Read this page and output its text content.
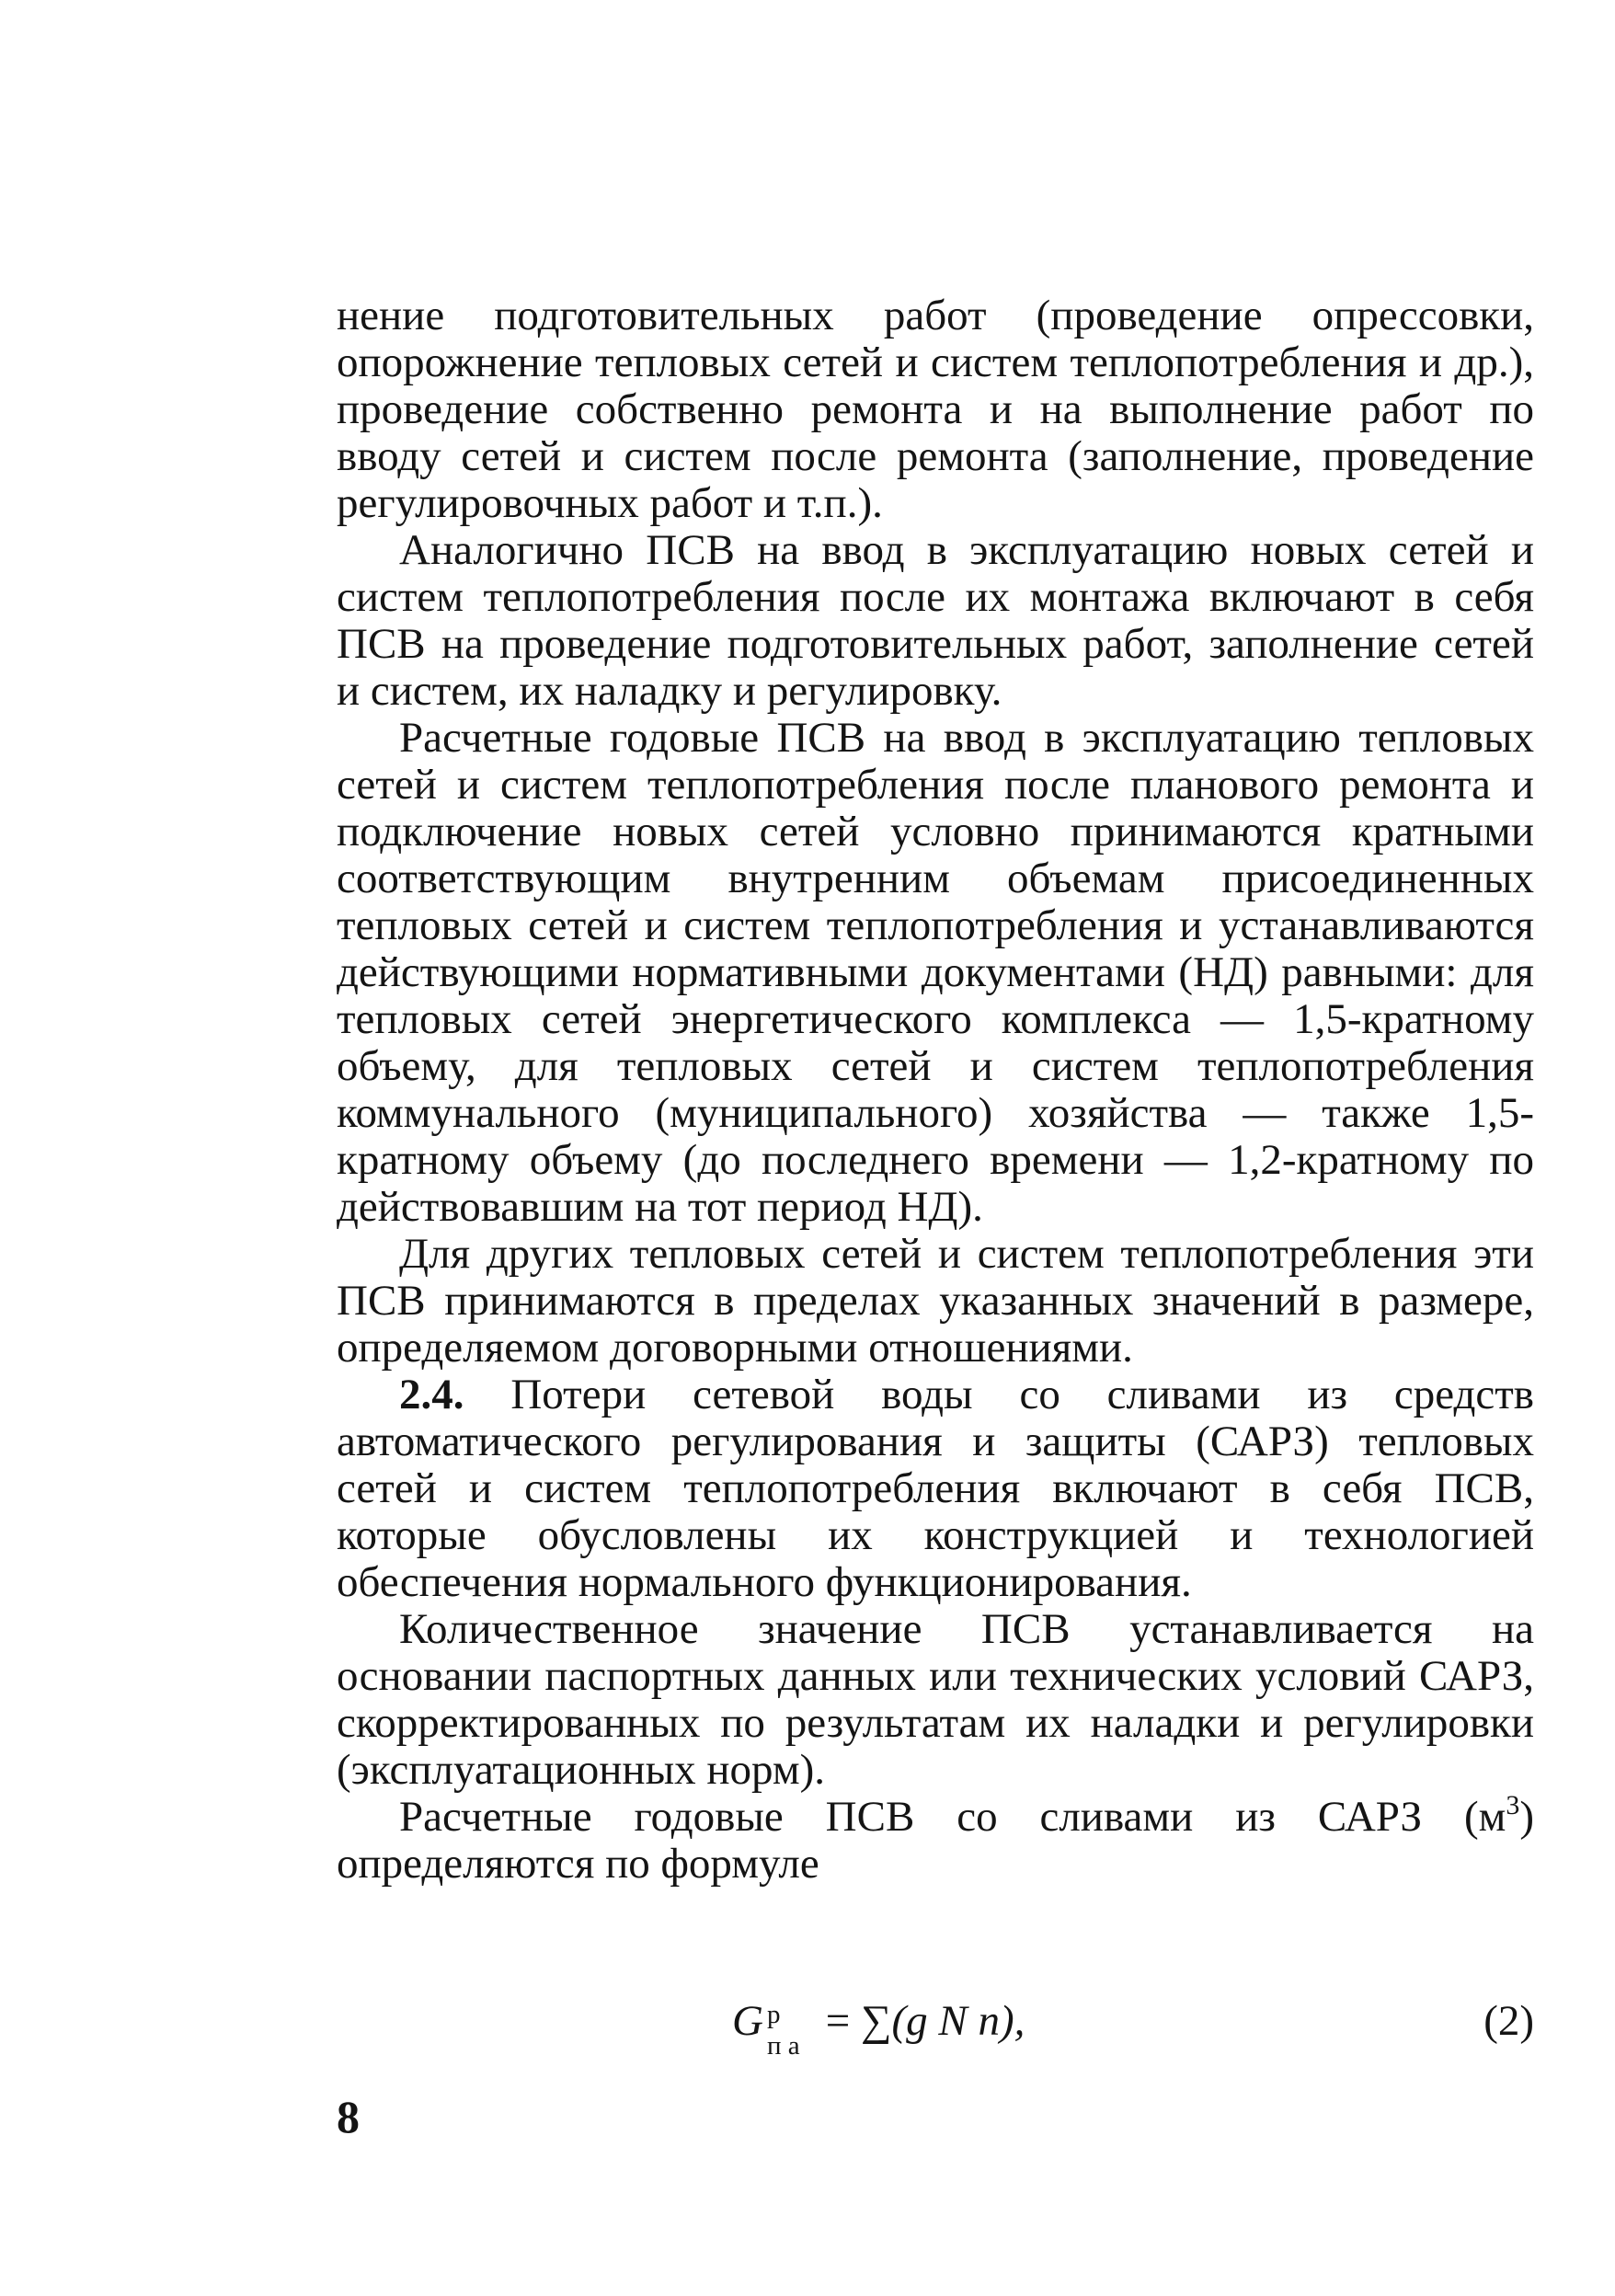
нение подготовительных работ (проведение опрессовки, опорожнение тепловых сетей и систем теплопотребления и др.), проведение собственно ремонта и на выполнение работ по вводу сетей и систем после ремонта (заполнение, проведение регулировочных работ и т.п.).

Аналогично ПСВ на ввод в эксплуатацию новых сетей и систем теплопотребления после их монтажа включают в себя ПСВ на проведение подготовительных работ, заполнение сетей и систем, их наладку и регулировку.

Расчетные годовые ПСВ на ввод в эксплуатацию тепловых сетей и систем теплопотребления после планового ремонта и подключение новых сетей условно принимаются кратными соответствующим внутренним объемам присоединенных тепловых сетей и систем теплопотребления и устанавливаются действующими нормативными документами (НД) равными: для тепловых сетей энергетического комплекса — 1,5-кратному объему, для тепловых сетей и систем теплопотребления коммунального (муниципального) хозяйства — также 1,5-кратному объему (до последнего времени — 1,2-кратному по действовавшим на тот период НД).

Для других тепловых сетей и систем теплопотребления эти ПСВ принимаются в пределах указанных значений в размере, определяемом договорными отношениями.

2.4. Потери сетевой воды со сливами из средств автоматического регулирования и защиты (САРЗ) тепловых сетей и систем теплопотребления включают в себя ПСВ, которые обусловлены их конструкцией и технологией обеспечения нормального функционирования.

Количественное значение ПСВ устанавливается на основании паспортных данных или технических условий САРЗ, скорректированных по результатам их наладки и регулировки (эксплуатационных норм).

Расчетные годовые ПСВ со сливами из САРЗ $(м^3)$ определяются по формуле

G р
п а
= ∑(g N n),	(2)
8
